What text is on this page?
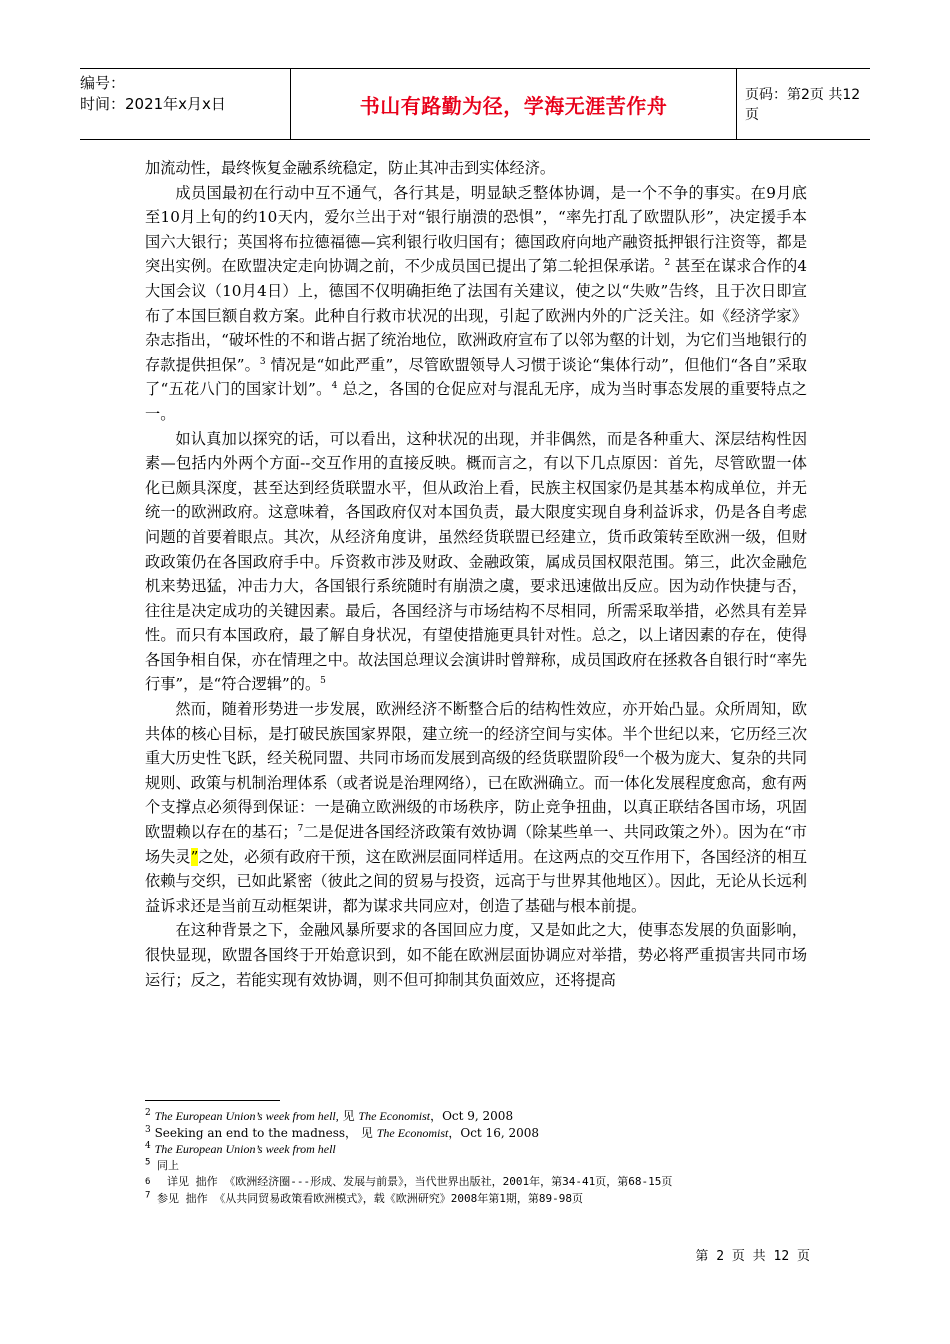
编号：
时间：2021年x月x日	书山有路勤为径，学海无涯苦作舟	页码：第2页 共12页

加流动性，最终恢复金融系统稳定，防止其冲击到实体经济。

成员国最初在行动中互不通气，各行其是，明显缺乏整体协调，是一个不争的事实。在9月底至10月上旬的约10天内，爱尔兰出于对“银行崩溃的恐惧”，“率先打乱了欧盟队形”，决定援手本国六大银行；英国将布拉德福德—宾利银行收归国有；德国政府向地产融资抵押银行注资等，都是突出实例。在欧盟决定走向协调之前，不少成员国已提出了第二轮担保承诺。$^2$ 甚至在谋求合作的4大国会议（10月4日）上，德国不仅明确拒绝了法国有关建议，使之以“失败”告终，且于次日即宣布了本国巨额自救方案。此种自行救市状况的出现，引起了欧洲内外的广泛关注。如《经济学家》杂志指出，“破坏性的不和谐占据了统治地位，欧洲政府宣布了以邻为壑的计划，为它们当地银行的存款提供担保”。$^3$ 情况是“如此严重”，尽管欧盟领导人习惯于谈论“集体行动”，但他们“各自”采取了“五花八门的国家计划”。$^4$ 总之，各国的仓促应对与混乱无序，成为当时事态发展的重要特点之一。

如认真加以探究的话，可以看出，这种状况的出现，并非偶然，而是各种重大、深层结构性因素—包括内外两个方面--交互作用的直接反映。概而言之，有以下几点原因：首先，尽管欧盟一体化已颇具深度，甚至达到经货联盟水平，但从政治上看，民族主权国家仍是其基本构成单位，并无统一的欧洲政府。这意味着，各国政府仅对本国负责，最大限度实现自身利益诉求，仍是各自考虑问题的首要着眼点。其次，从经济角度讲，虽然经货联盟已经建立，货币政策转至欧洲一级，但财政政策仍在各国政府手中。斥资救市涉及财政、金融政策，属成员国权限范围。第三，此次金融危机来势迅猛，冲击力大，各国银行系统随时有崩溃之虞，要求迅速做出反应。因为动作快捷与否，往往是决定成功的关键因素。最后，各国经济与市场结构不尽相同，所需采取举措，必然具有差异性。而只有本国政府，最了解自身状况，有望使措施更具针对性。总之，以上诸因素的存在，使得各国争相自保，亦在情理之中。故法国总理议会演讲时曾辩称，成员国政府在拯救各自银行时“率先行事”，是“符合逻辑”的。$^5$

然而，随着形势进一步发展，欧洲经济不断整合后的结构性效应，亦开始凸显。众所周知，欧共体的核心目标，是打破民族国家界限，建立统一的经济空间与实体。半个世纪以来，它历经三次重大历史性飞跃，经关税同盟、共同市场而发展到高级的经货联盟阶段$^6$一个极为庞大、复杂的共同规则、政策与机制治理体系（或者说是治理网络），已在欧洲确立。而一体化发展程度愈高，愈有两个支撑点必须得到保证：一是确立欧洲级的市场秩序，防止竞争扭曲，以真正联结各国市场，巩固欧盟赖以存在的基石；$^7$二是促进各国经济政策有效协调（除某些单一、共同政策之外）。因为在“市场失灵”之处，必须有政府干预，这在欧洲层面同样适用。在这两点的交互作用下，各国经济的相互依赖与交织，已如此紧密（彼此之间的贸易与投资，远高于与世界其他地区）。因此，无论从长远利益诉求还是当前互动框架讲，都为谋求共同应对，创造了基础与根本前提。

在这种背景之下，金融风暴所要求的各国回应力度，又是如此之大，使事态发展的负面影响，很快显现，欧盟各国终于开始意识到，如不能在欧洲层面协调应对举措，势必将严重损害共同市场运行；反之，若能实现有效协调，则不但可抑制其负面效应，还将提高

$^2$ The European Union’s week from hell, 见 The Economist，Oct 9, 2008

$^3$ Seeking an end to the madness， 见 The Economist，Oct 16, 2008

$^4$ The European Union’s week from hell

$^5$ 同上

6	详见 拙作 《欧洲经济圈---形成、发展与前景》，当代世界出版社，2001年，第34-41页，第68-15页

$^7$ 参见 拙作 《从共同贸易政策看欧洲模式》，载《欧洲研究》2008年第1期，第89-98页

第 2 页 共 12 页
